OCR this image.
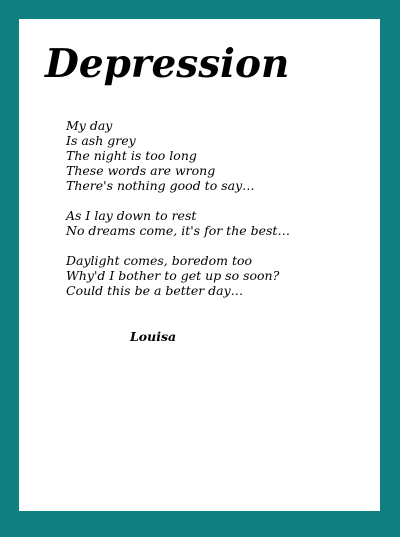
Depression

My day
Is ash grey
The night is too long
These words are wrong
There's nothing good to say…

As I lay down to rest
No dreams come, it's for the best…

Daylight comes, boredom too
Why'd I bother to get up so soon?
Could this be a better day…

Louisa
